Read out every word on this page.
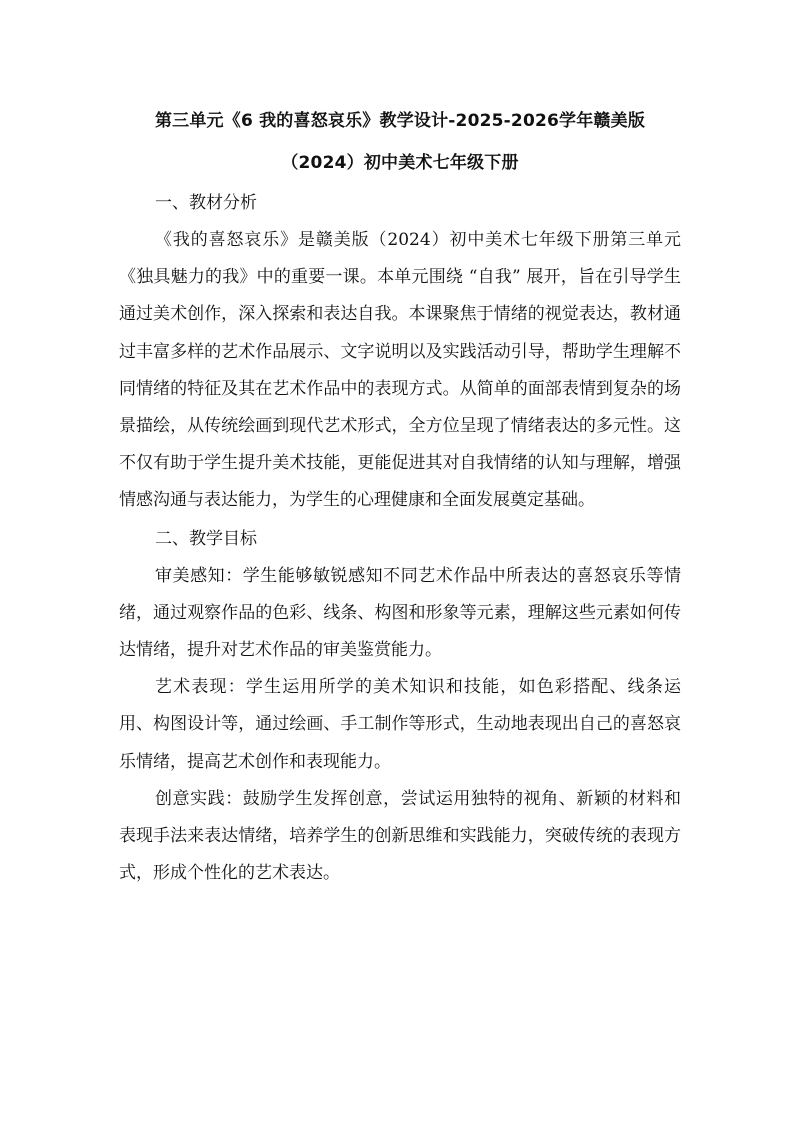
第三单元《6 我的喜怒哀乐》教学设计-2025-2026学年赣美版

（2024）初中美术七年级下册

一、教材分析

《我的喜怒哀乐》是赣美版（2024）初中美术七年级下册第三单元《独具魅力的我》中的重要一课。本单元围绕 “自我” 展开，旨在引导学生通过美术创作，深入探索和表达自我。本课聚焦于情绪的视觉表达，教材通过丰富多样的艺术作品展示、文字说明以及实践活动引导，帮助学生理解不同情绪的特征及其在艺术作品中的表现方式。从简单的面部表情到复杂的场景描绘，从传统绘画到现代艺术形式，全方位呈现了情绪表达的多元性。这不仅有助于学生提升美术技能，更能促进其对自我情绪的认知与理解，增强情感沟通与表达能力，为学生的心理健康和全面发展奠定基础。

二、教学目标

审美感知：学生能够敏锐感知不同艺术作品中所表达的喜怒哀乐等情绪，通过观察作品的色彩、线条、构图和形象等元素，理解这些元素如何传达情绪，提升对艺术作品的审美鉴赏能力。

艺术表现：学生运用所学的美术知识和技能，如色彩搭配、线条运用、构图设计等，通过绘画、手工制作等形式，生动地表现出自己的喜怒哀乐情绪，提高艺术创作和表现能力。

创意实践：鼓励学生发挥创意，尝试运用独特的视角、新颖的材料和表现手法来表达情绪，培养学生的创新思维和实践能力，突破传统的表现方式，形成个性化的艺术表达。
